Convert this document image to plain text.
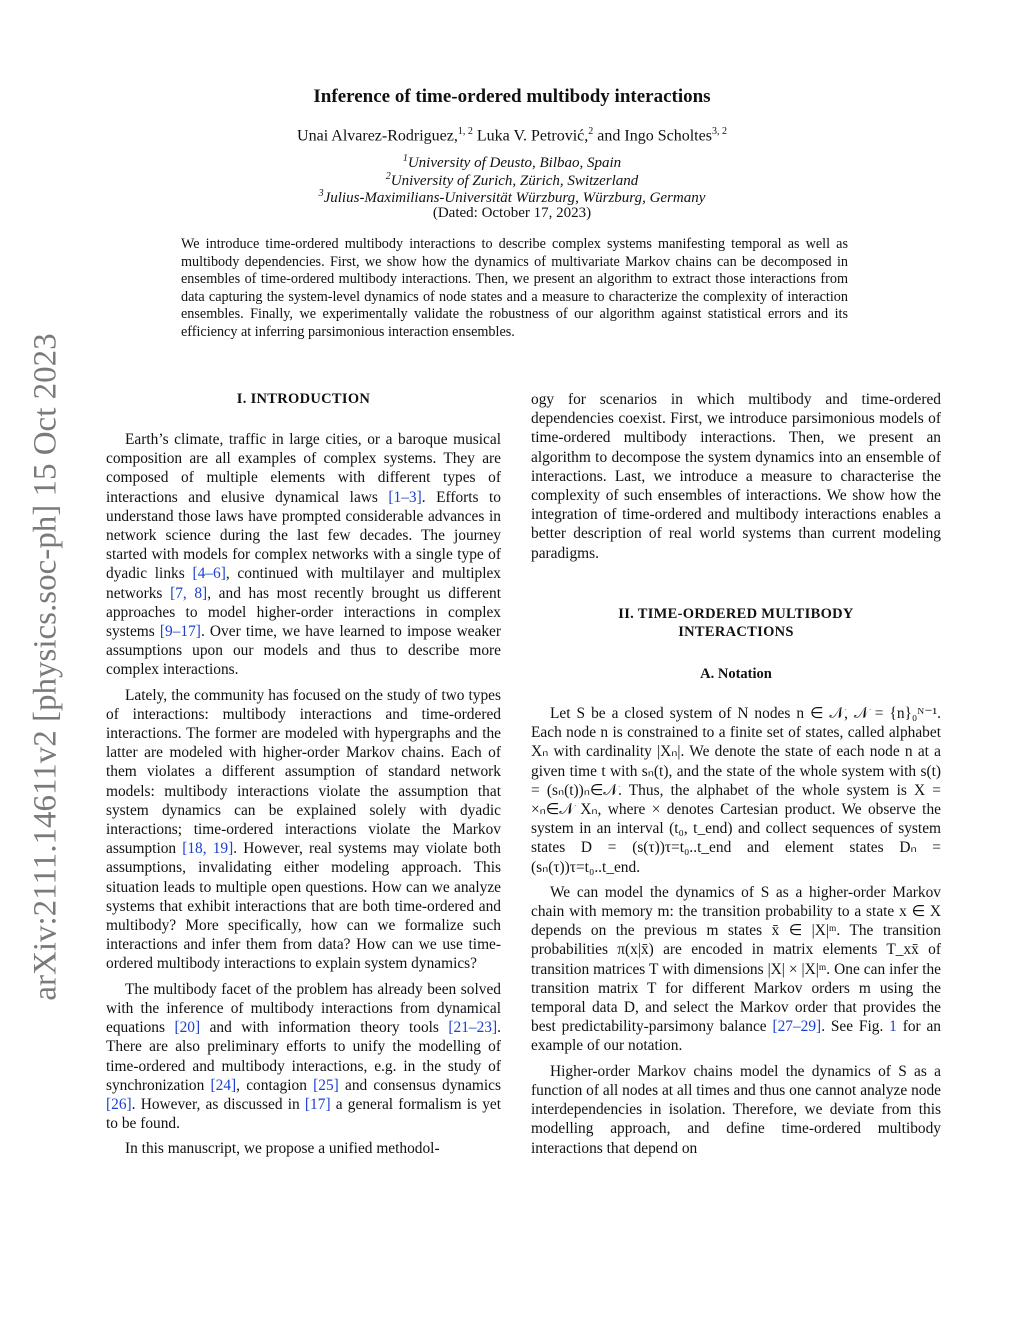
arXiv:2111.14611v2 [physics.soc-ph] 15 Oct 2023
Inference of time-ordered multibody interactions
Unai Alvarez-Rodriguez,$^{1, 2}$ Luka V. Petrović,$^2$ and Ingo Scholtes$^{3, 2}$
$^1$University of Deusto, Bilbao, Spain
$^2$University of Zurich, Zürich, Switzerland
$^3$Julius-Maximilians-Universität Würzburg, Würzburg, Germany
(Dated: October 17, 2023)

We introduce time-ordered multibody interactions to describe complex systems manifesting temporal as well as multibody dependencies. First, we show how the dynamics of multivariate Markov chains can be decomposed in ensembles of time-ordered multibody interactions. Then, we present an algorithm to extract those interactions from data capturing the system-level dynamics of node states and a measure to characterize the complexity of interaction ensembles. Finally, we experimentally validate the robustness of our algorithm against statistical errors and its efficiency at inferring parsimonious interaction ensembles.

I. INTRODUCTION

Earth’s climate, traffic in large cities, or a baroque musical composition are all examples of complex systems. They are composed of multiple elements with different types of interactions and elusive dynamical laws [1–3]. Efforts to understand those laws have prompted considerable advances in network science during the last few decades. The journey started with models for complex networks with a single type of dyadic links [4–6], continued with multilayer and multiplex networks [7, 8], and has most recently brought us different approaches to model higher-order interactions in complex systems [9–17]. Over time, we have learned to impose weaker assumptions upon our models and thus to describe more complex interactions.

Lately, the community has focused on the study of two types of interactions: multibody interactions and time-ordered interactions. The former are modeled with hypergraphs and the latter are modeled with higher-order Markov chains. Each of them violates a different assumption of standard network models: multibody interactions violate the assumption that system dynamics can be explained solely with dyadic interactions; time-ordered interactions violate the Markov assumption [18, 19]. However, real systems may violate both assumptions, invalidating either modeling approach. This situation leads to multiple open questions. How can we analyze systems that exhibit interactions that are both time-ordered and multibody? More specifically, how can we formalize such interactions and infer them from data? How can we use time-ordered multibody interactions to explain system dynamics?

The multibody facet of the problem has already been solved with the inference of multibody interactions from dynamical equations [20] and with information theory tools [21–23]. There are also preliminary efforts to unify the modelling of time-ordered and multibody interactions, e.g. in the study of synchronization [24], contagion [25] and consensus dynamics [26]. However, as discussed in [17] a general formalism is yet to be found.

In this manuscript, we propose a unified methodol-

ogy for scenarios in which multibody and time-ordered dependencies coexist. First, we introduce parsimonious models of time-ordered multibody interactions. Then, we present an algorithm to decompose the system dynamics into an ensemble of interactions. Last, we introduce a measure to characterise the complexity of such ensembles of interactions. We show how the integration of time-ordered and multibody interactions enables a better description of real world systems than current modeling paradigms.

II. TIME-ORDERED MULTIBODY
INTERACTIONS
A. Notation

Let S be a closed system of N nodes n ∈ 𝒩, 𝒩 = {n}₀ᴺ⁻¹. Each node n is constrained to a finite set of states, called alphabet Xₙ with cardinality |Xₙ|. We denote the state of each node n at a given time t with sₙ(t), and the state of the whole system with s(t) = (sₙ(t))ₙ∈𝒩. Thus, the alphabet of the whole system is X = ×ₙ∈𝒩 Xₙ, where × denotes Cartesian product. We observe the system in an interval (t₀, t_end) and collect sequences of system states D = (s(τ))τ=t₀..t_end and element states Dₙ = (sₙ(τ))τ=t₀..t_end.

We can model the dynamics of S as a higher-order Markov chain with memory m: the transition probability to a state x ∈ X depends on the previous m states x̄ ∈ |X|ᵐ. The transition probabilities π(x|x̄) are encoded in matrix elements T_xx̄ of transition matrices T with dimensions |X| × |X|ᵐ. One can infer the transition matrix T for different Markov orders m using the temporal data D, and select the Markov order that provides the best predictability-parsimony balance [27–29]. See Fig. 1 for an example of our notation.

Higher-order Markov chains model the dynamics of S as a function of all nodes at all times and thus one cannot analyze node interdependencies in isolation. Therefore, we deviate from this modelling approach, and define time-ordered multibody interactions that depend on
